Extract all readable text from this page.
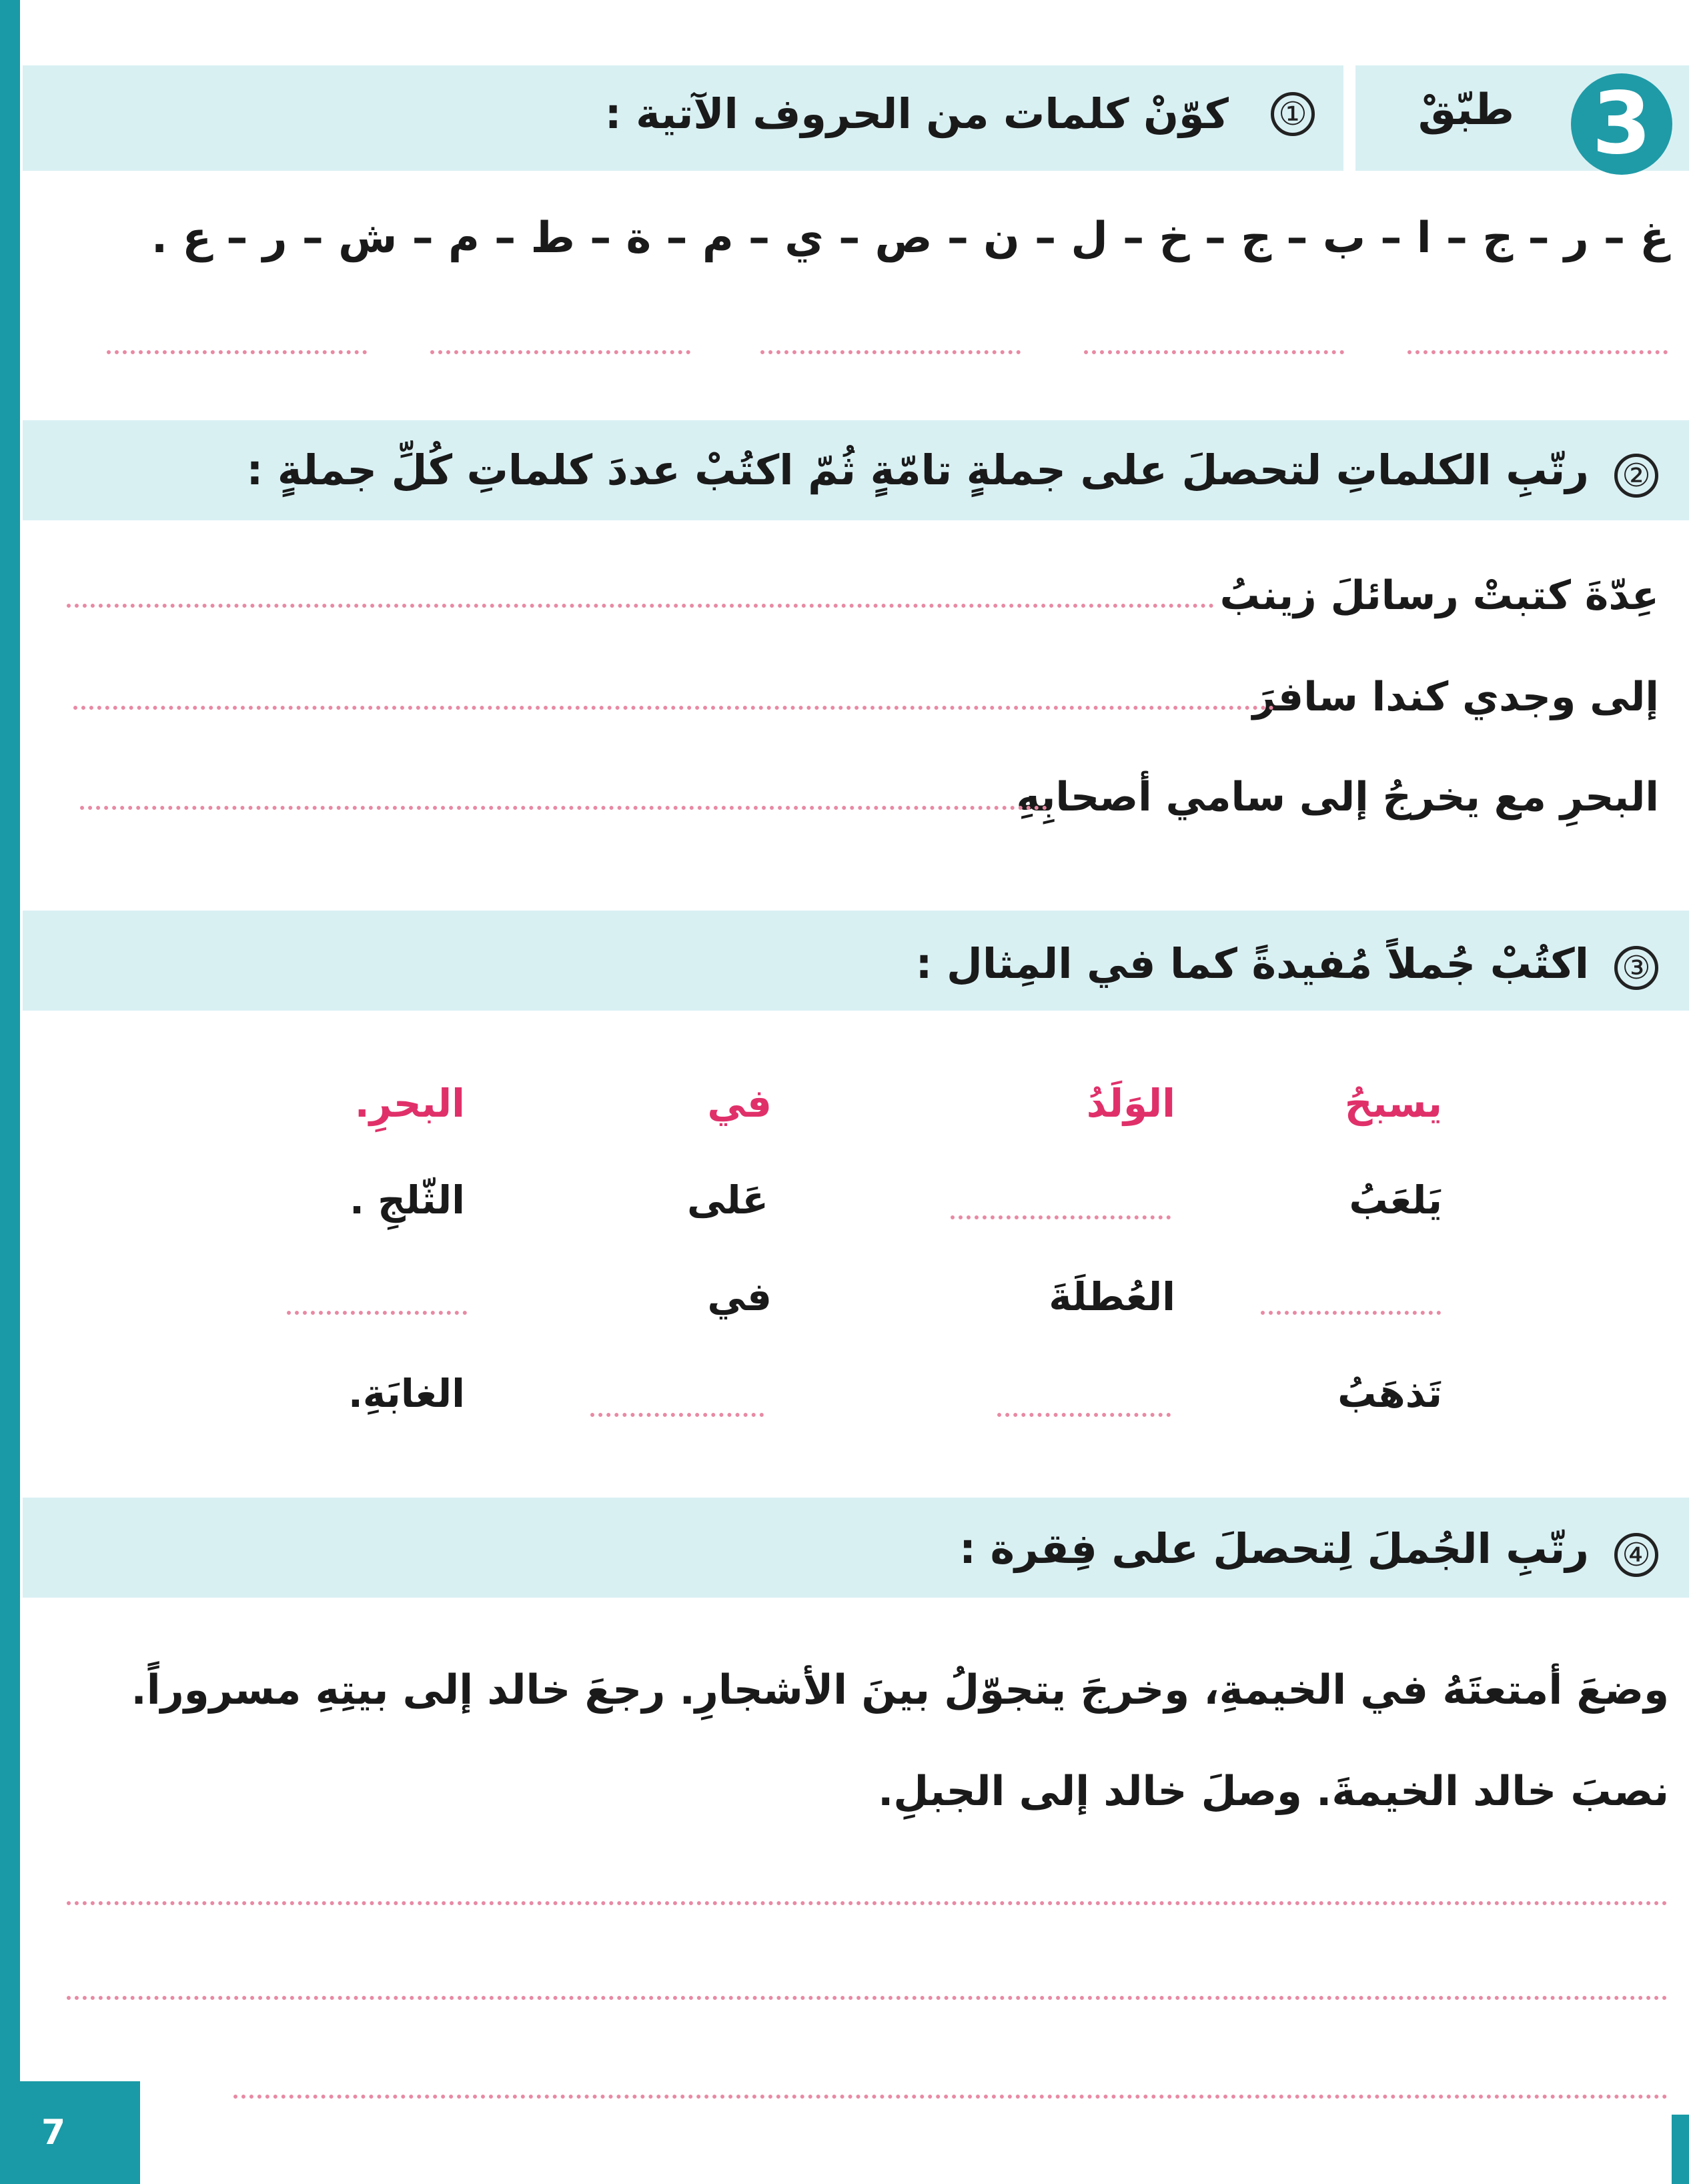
3
طبّقْ
①
كوّنْ كلمات من الحروف الآتية :
غ – ر – ج – ا – ب – ج – خ – ل – ن – ص – ي – م – ة – ط – م – ش – ر – ع .
②
رتّبِ الكلماتِ لتحصلَ على جملةٍ تامّةٍ ثُمّ اكتُبْ عددَ كلماتِ كُلِّ جملةٍ :
عِدّةَ كتبتْ رسائلَ زينبُ
إلى وجدي كندا سافرَ
البحرِ مع يخرجُ إلى سامي أصحابِهِ
③
اكتُبْ جُملاً مُفيدةً كما في المِثال :
يسبحُ
الوَلَدُ
في
البحرِ.
يَلعَبُ
عَلى
الثّلجِ .
العُطلَةَ
في
تَذهَبُ
الغابَةِ.
④
رتّبِ الجُملَ لِتحصلَ على فِقرة :
وضعَ أمتعتَهُ في الخيمةِ، وخرجَ يتجوّلُ بينَ الأشجارِ. رجعَ خالد إلى بيتِهِ مسروراً.
نصبَ خالد الخيمةَ. وصلَ خالد إلى الجبلِ.
7
